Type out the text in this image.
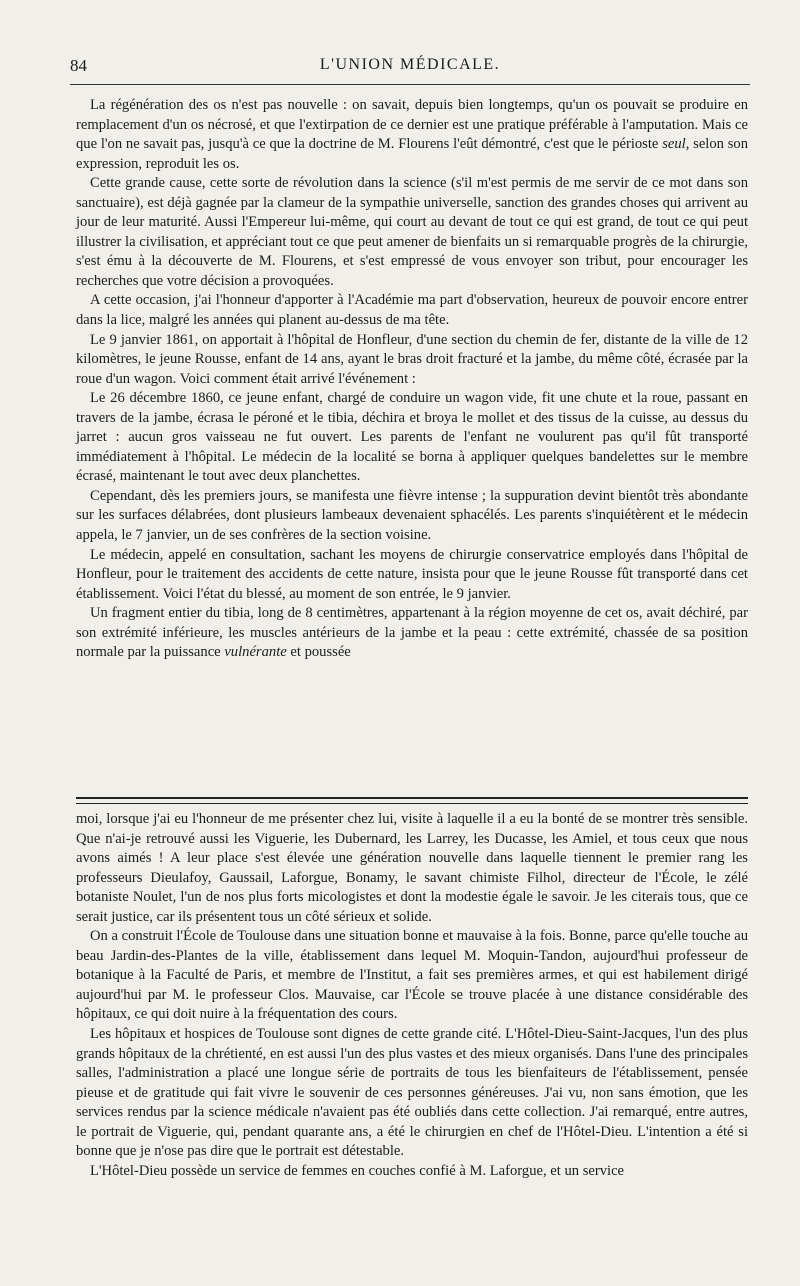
84	L'UNION MÉDICALE.

La régénération des os n'est pas nouvelle : on savait, depuis bien longtemps, qu'un os pouvait se produire en remplacement d'un os nécrosé, et que l'extirpation de ce dernier est une pratique préférable à l'amputation. Mais ce que l'on ne savait pas, jusqu'à ce que la doctrine de M. Flourens l'eût démontré, c'est que le périoste seul, selon son expression, reproduit les os.

Cette grande cause, cette sorte de révolution dans la science (s'il m'est permis de me servir de ce mot dans son sanctuaire), est déjà gagnée par la clameur de la sympathie universelle, sanction des grandes choses qui arrivent au jour de leur maturité. Aussi l'Empereur lui-même, qui court au devant de tout ce qui est grand, de tout ce qui peut illustrer la civilisation, et appréciant tout ce que peut amener de bienfaits un si remarquable progrès de la chirurgie, s'est ému à la découverte de M. Flourens, et s'est empressé de vous envoyer son tribut, pour encourager les recherches que votre décision a provoquées.

A cette occasion, j'ai l'honneur d'apporter à l'Académie ma part d'observation, heureux de pouvoir encore entrer dans la lice, malgré les années qui planent au-dessus de ma tête.

Le 9 janvier 1861, on apportait à l'hôpital de Honfleur, d'une section du chemin de fer, distante de la ville de 12 kilomètres, le jeune Rousse, enfant de 14 ans, ayant le bras droit fracturé et la jambe, du même côté, écrasée par la roue d'un wagon. Voici comment était arrivé l'événement :

Le 26 décembre 1860, ce jeune enfant, chargé de conduire un wagon vide, fit une chute et la roue, passant en travers de la jambe, écrasa le péroné et le tibia, déchira et broya le mollet et des tissus de la cuisse, au dessus du jarret : aucun gros vaisseau ne fut ouvert. Les parents de l'enfant ne voulurent pas qu'il fût transporté immédiatement à l'hôpital. Le médecin de la localité se borna à appliquer quelques bandelettes sur le membre écrasé, maintenant le tout avec deux planchettes.

Cependant, dès les premiers jours, se manifesta une fièvre intense ; la suppuration devint bientôt très abondante sur les surfaces délabrées, dont plusieurs lambeaux devenaient sphacélés. Les parents s'inquiétèrent et le médecin appela, le 7 janvier, un de ses confrères de la section voisine.

Le médecin, appelé en consultation, sachant les moyens de chirurgie conservatrice employés dans l'hôpital de Honfleur, pour le traitement des accidents de cette nature, insista pour que le jeune Rousse fût transporté dans cet établissement. Voici l'état du blessé, au moment de son entrée, le 9 janvier.

Un fragment entier du tibia, long de 8 centimètres, appartenant à la région moyenne de cet os, avait déchiré, par son extrémité inférieure, les muscles antérieurs de la jambe et la peau : cette extrémité, chassée de sa position normale par la puissance vulnérante et poussée

moi, lorsque j'ai eu l'honneur de me présenter chez lui, visite à laquelle il a eu la bonté de se montrer très sensible. Que n'ai-je retrouvé aussi les Viguerie, les Dubernard, les Larrey, les Ducasse, les Amiel, et tous ceux que nous avons aimés ! A leur place s'est élevée une génération nouvelle dans laquelle tiennent le premier rang les professeurs Dieulafoy, Gaussail, Laforgue, Bonamy, le savant chimiste Filhol, directeur de l'École, le zélé botaniste Noulet, l'un de nos plus forts micologistes et dont la modestie égale le savoir. Je les citerais tous, que ce serait justice, car ils présentent tous un côté sérieux et solide.

On a construit l'École de Toulouse dans une situation bonne et mauvaise à la fois. Bonne, parce qu'elle touche au beau Jardin-des-Plantes de la ville, établissement dans lequel M. Moquin-Tandon, aujourd'hui professeur de botanique à la Faculté de Paris, et membre de l'Institut, a fait ses premières armes, et qui est habilement dirigé aujourd'hui par M. le professeur Clos. Mauvaise, car l'École se trouve placée à une distance considérable des hôpitaux, ce qui doit nuire à la fréquentation des cours.

Les hôpitaux et hospices de Toulouse sont dignes de cette grande cité. L'Hôtel-Dieu-Saint-Jacques, l'un des plus grands hôpitaux de la chrétienté, en est aussi l'un des plus vastes et des mieux organisés. Dans l'une des principales salles, l'administration a placé une longue série de portraits de tous les bienfaiteurs de l'établissement, pensée pieuse et de gratitude qui fait vivre le souvenir de ces personnes généreuses. J'ai vu, non sans émotion, que les services rendus par la science médicale n'avaient pas été oubliés dans cette collection. J'ai remarqué, entre autres, le portrait de Viguerie, qui, pendant quarante ans, a été le chirurgien en chef de l'Hôtel-Dieu. L'intention a été si bonne que je n'ose pas dire que le portrait est détestable.

L'Hôtel-Dieu possède un service de femmes en couches confié à M. Laforgue, et un service
